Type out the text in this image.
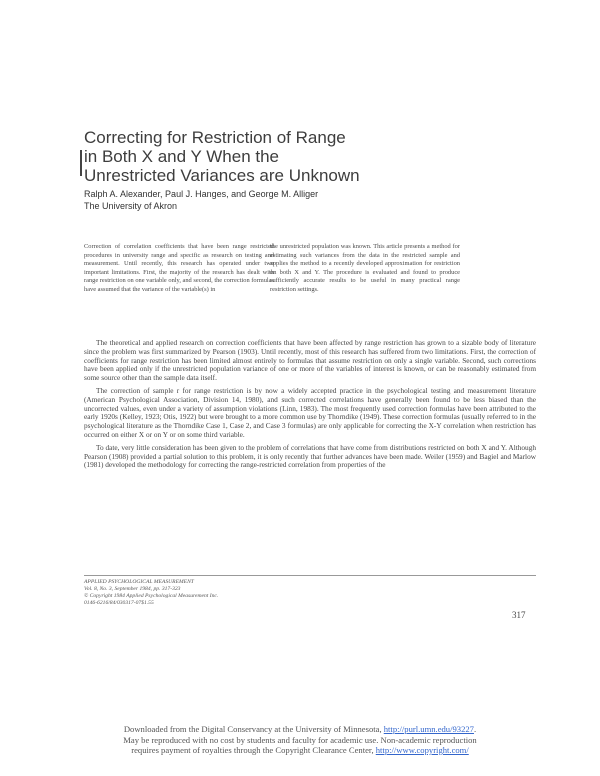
Correcting for Restriction of Range
in Both X and Y When the
Unrestricted Variances are Unknown
Ralph A. Alexander, Paul J. Hanges, and George M. Alliger
The University of Akron

Correction of correlation coefficients that have been range restricted procedures in university range and specific as research on testing and measurement. Until recently, this research has operated under two important limitations. First, the majority of the research has dealt with range restriction on one variable only, and second, the correction formulas have assumed that the variance of the variable(s) in

the unrestricted population was known. This article presents a method for estimating such variances from the data in the restricted sample and applies the method to a recently developed approximation for restriction on both X and Y. The procedure is evaluated and found to produce sufficiently accurate results to be useful in many practical range restriction settings.

The theoretical and applied research on correction coefficients that have been affected by range restriction has grown to a sizable body of literature since the problem was first summarized by Pearson (1903). Until recently, most of this research has suffered from two limitations. First, the correction of coefficients for range restriction has been limited almost entirely to formulas that assume restriction on only a single variable. Second, such corrections have been applied only if the unrestricted population variance of one or more of the variables of interest is known, or can be reasonably estimated from some source other than the sample data itself.

The correction of sample r for range restriction is by now a widely accepted practice in the psychological testing and measurement literature (American Psychological Association, Division 14, 1980), and such corrected correlations have generally been found to be less biased than the uncorrected values, even under a variety of assumption violations (Linn, 1983). The most frequently used correction formulas have been attributed to the early 1920s (Kelley, 1923; Otis, 1922) but were brought to a more common use by Thorndike (1949). These correction formulas (usually referred to in the psychological literature as the Thorndike Case 1, Case 2, and Case 3 formulas) are only applicable for correcting the X-Y correlation when restriction has occurred on either X or on Y or on some third variable.

To date, very little consideration has been given to the problem of correlations that have come from distributions restricted on both X and Y. Although Pearson (1908) provided a partial solution to this problem, it is only recently that further advances have been made. Weiler (1959) and Bagiel and Marlow (1981) developed the methodology for correcting the range-restricted correlation from properties of the

APPLIED PSYCHOLOGICAL MEASUREMENT
Vol. 8, No. 3, September 1984, pp. 317-323
© Copyright 1984 Applied Psychological Measurement Inc.
0146-6216/84/030317-07$1.55
317
Downloaded from the Digital Conservancy at the University of Minnesota, http://purl.umn.edu/93227.
May be reproduced with no cost by students and faculty for academic use. Non-academic reproduction
requires payment of royalties through the Copyright Clearance Center, http://www.copyright.com/
